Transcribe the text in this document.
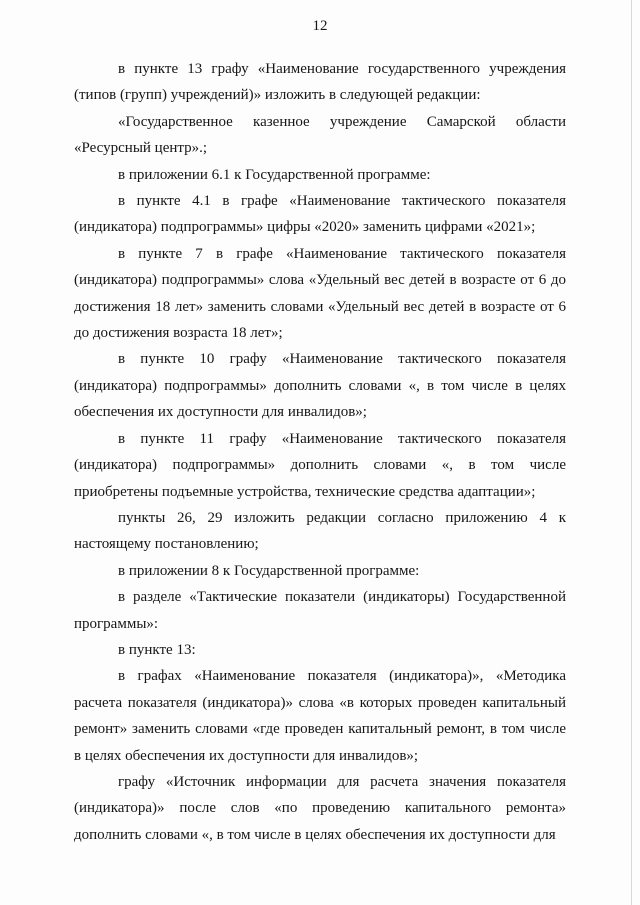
12

в пункте 13 графу «Наименование государственного учреждения (типов (групп) учреждений)» изложить в следующей редакции:

«Государственное казенное учреждение Самарской области «Ресурсный центр».;

в приложении 6.1 к Государственной программе:

в пункте 4.1 в графе «Наименование тактического показателя (индикатора) подпрограммы» цифры «2020» заменить цифрами «2021»;

в пункте 7 в графе «Наименование тактического показателя (индикатора) подпрограммы» слова «Удельный вес детей в возрасте от 6 до достижения 18 лет» заменить словами «Удельный вес детей в возрасте от 6 до достижения возраста 18 лет»;

в пункте 10 графу «Наименование тактического показателя (индикатора) подпрограммы» дополнить словами «, в том числе в целях обеспечения их доступности для инвалидов»;

в пункте 11 графу «Наименование тактического показателя (индикатора) подпрограммы» дополнить словами «, в том числе приобретены подъемные устройства, технические средства адаптации»;

пункты 26, 29 изложить редакции согласно приложению 4 к настоящему постановлению;

в приложении 8 к Государственной программе:

в разделе «Тактические показатели (индикаторы) Государственной программы»:

в пункте 13:

в графах «Наименование показателя (индикатора)», «Методика расчета показателя (индикатора)» слова «в которых проведен капитальный ремонт» заменить словами «где проведен капитальный ремонт, в том числе в целях обеспечения их доступности для инвалидов»;

графу «Источник информации для расчета значения показателя (индикатора)» после слов «по проведению капитального ремонта» дополнить словами «, в том числе в целях обеспечения их доступности для
